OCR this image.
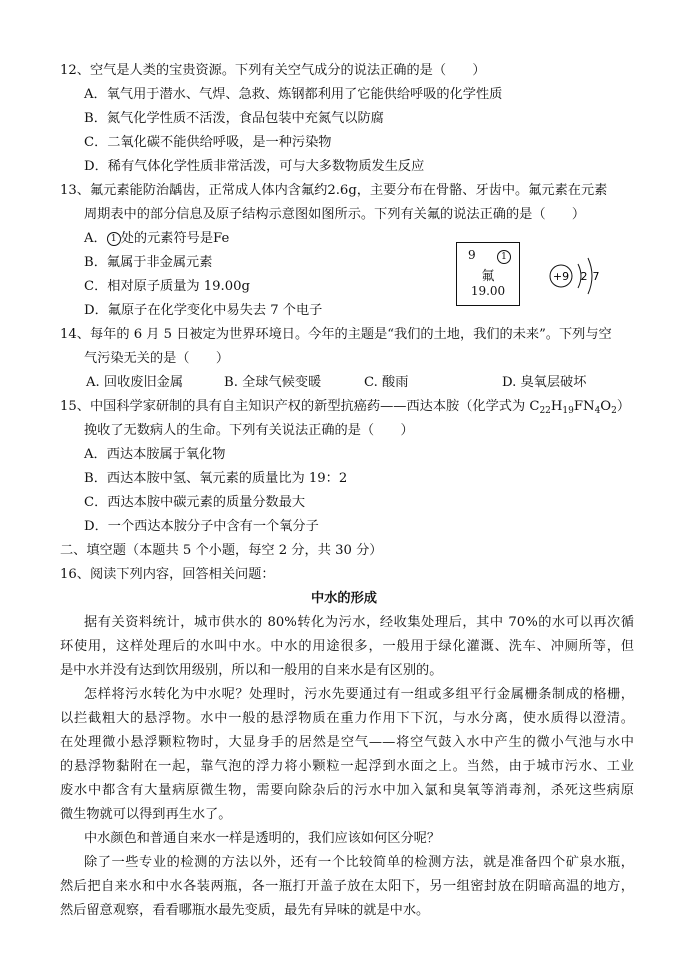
12、空气是人类的宝贵资源。下列有关空气成分的说法正确的是（　　）
A．氧气用于潜水、气焊、急救、炼钢都利用了它能供给呼吸的化学性质
B．氮气化学性质不活泼，食品包装中充氮气以防腐
C．二氧化碳不能供给呼吸，是一种污染物
D．稀有气体化学性质非常活泼，可与大多数物质发生反应
13、氟元素能防治龋齿，正常成人体内含氟约2.6g，主要分布在骨骼、牙齿中。氟元素在元素
周期表中的部分信息及原子结构示意图如图所示。下列有关氟的说法正确的是（　　）
A． 1 处的元素符号是Fe
B．氟属于非金属元素
C．相对原子质量为 19.00g
D．氟原子在化学变化中易失去 7 个电子
9	1
氟
19.00
+9 2 7
14、每年的 6 月 5 日被定为世界环境日。今年的主题是“我们的土地，我们的未来”。下列与空
气污染无关的是（　　）
A. 回收废旧金属	B. 全球气候变暖	C. 酸雨	D. 臭氧层破坏
15、中国科学家研制的具有自主知识产权的新型抗癌药——西达本胺（化学式为 $C_{22}H_{19}FN_4O_2$）
挽收了无数病人的生命。下列有关说法正确的是（　　）
A．西达本胺属于氧化物
B．西达本胺中氢、氧元素的质量比为 19：2
C．西达本胺中碳元素的质量分数最大
D．一个西达本胺分子中含有一个氧分子
二、填空题（本题共 5 个小题，每空 2 分，共 30 分）
16、阅读下列内容，回答相关问题：
中水的形成
据有关资料统计，城市供水的 80%转化为污水，经收集处理后，其中 70%的水可以再次循
环使用，这样处理后的水叫中水。中水的用途很多，一般用于绿化灌溉、洗车、冲厕所等，但
是中水并没有达到饮用级别，所以和一般用的自来水是有区别的。
怎样将污水转化为中水呢？处理时，污水先要通过有一组或多组平行金属栅条制成的格栅，
以拦截粗大的悬浮物。水中一般的悬浮物质在重力作用下下沉，与水分离，使水质得以澄清。
在处理微小悬浮颗粒物时，大显身手的居然是空气——将空气鼓入水中产生的微小气池与水中
的悬浮物黏附在一起，靠气泡的浮力将小颗粒一起浮到水面之上。当然，由于城市污水、工业
废水中都含有大量病原微生物，需要向除杂后的污水中加入氯和臭氧等消毒剂，杀死这些病原
微生物就可以得到再生水了。
中水颜色和普通自来水一样是透明的，我们应该如何区分呢？
除了一些专业的检测的方法以外，还有一个比较简单的检测方法，就是准备四个矿泉水瓶，
然后把自来水和中水各装两瓶，各一瓶打开盖子放在太阳下，另一组密封放在阴暗高温的地方，
然后留意观察，看看哪瓶水最先变质，最先有异味的就是中水。
